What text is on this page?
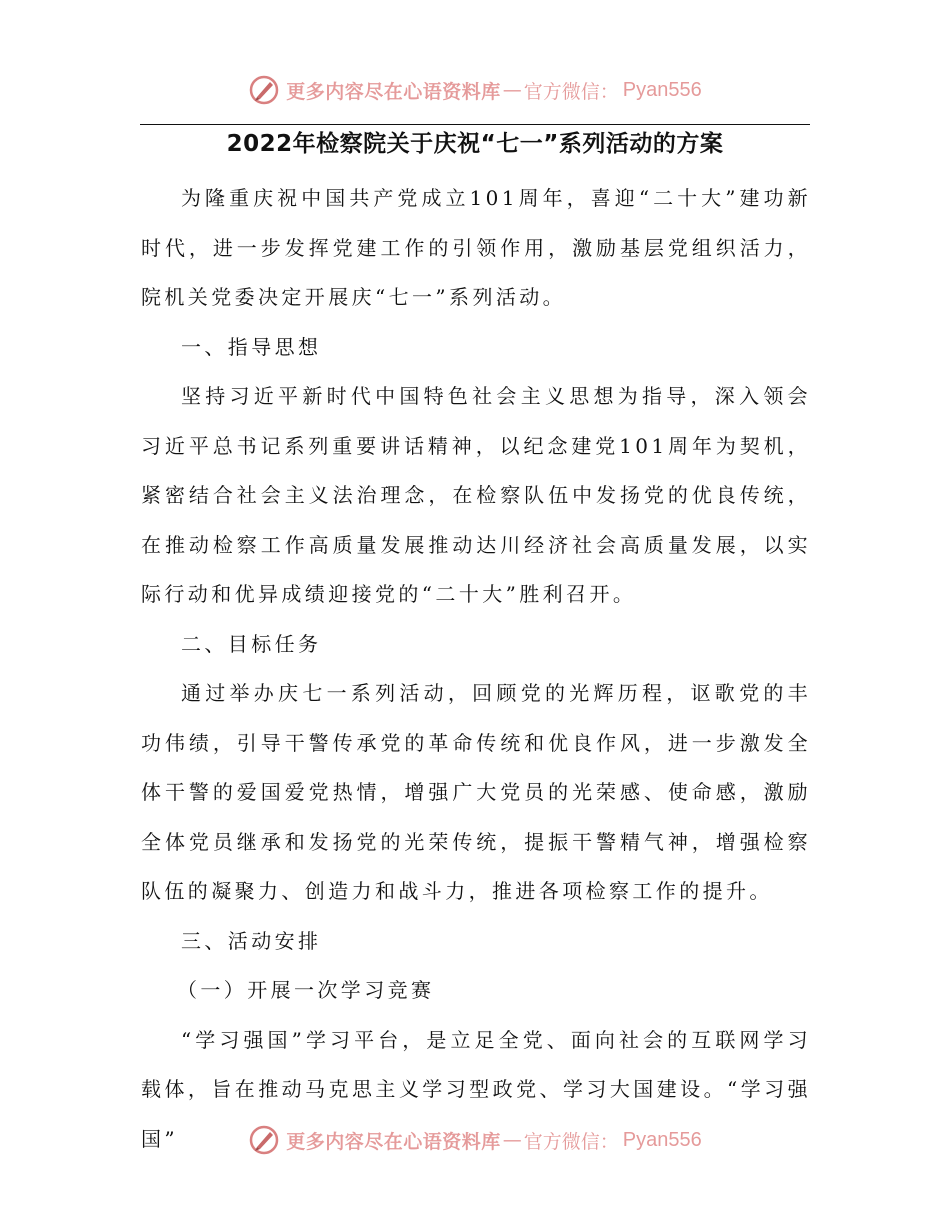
更多内容尽在心语资料库 — 官方微信： Pyan556
2022年检察院关于庆祝“七一”系列活动的方案

为隆重庆祝中国共产党成立101周年，喜迎“二十大”建功新时代，进一步发挥党建工作的引领作用，激励基层党组织活力，院机关党委决定开展庆“七一”系列活动。

一、指导思想

坚持习近平新时代中国特色社会主义思想为指导，深入领会习近平总书记系列重要讲话精神，以纪念建党101周年为契机，紧密结合社会主义法治理念，在检察队伍中发扬党的优良传统，在推动检察工作高质量发展推动达川经济社会高质量发展，以实际行动和优异成绩迎接党的“二十大”胜利召开。

二、目标任务

通过举办庆七一系列活动，回顾党的光辉历程，讴歌党的丰功伟绩，引导干警传承党的革命传统和优良作风，进一步激发全体干警的爱国爱党热情，增强广大党员的光荣感、使命感，激励全体党员继承和发扬党的光荣传统，提振干警精气神，增强检察队伍的凝聚力、创造力和战斗力，推进各项检察工作的提升。

三、活动安排

（一）开展一次学习竞赛

“学习强国”学习平台，是立足全党、面向社会的互联网学习载体，旨在推动马克思主义学习型政党、学习大国建设。“学习强国”	更多内容尽在心语资料库 — 官方微信： Pyan556
